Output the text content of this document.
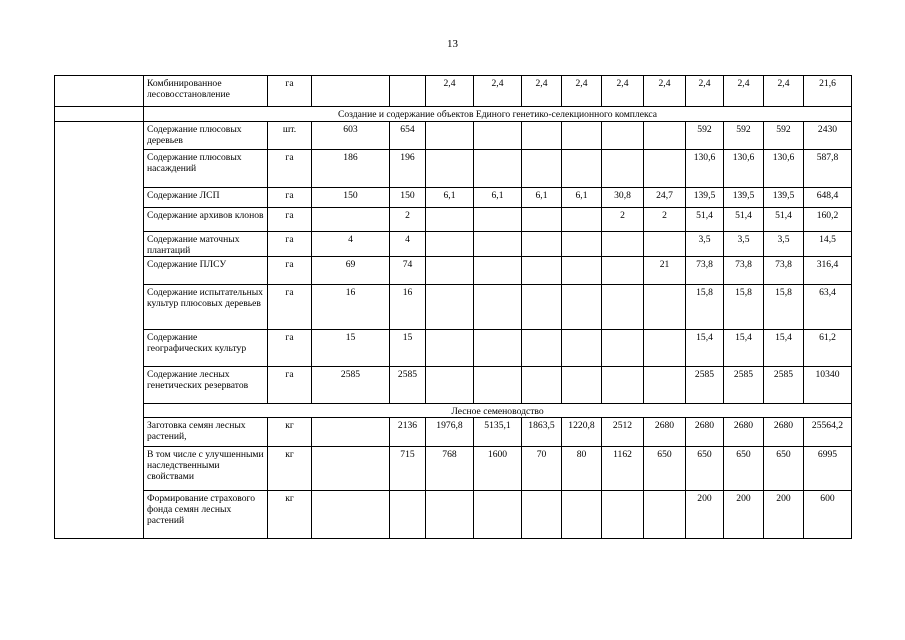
13
	Комбинированное лесовосстановление	га			2,4	2,4	2,4	2,4	2,4	2,4	2,4	2,4	2,4	21,6
	Создание и содержание объектов Единого генетико-селекционного комплекса													
	Содержание плюсовых деревьев	шт.	603	654							592	592	592	2430
	Содержание плюсовых насаждений	га	186	196							130,6	130,6	130,6	587,8
	Содержание ЛСП	га	150	150	6,1	6,1	6,1	6,1	30,8	24,7	139,5	139,5	139,5	648,4
	Содержание архивов клонов	га		2					2	2	51,4	51,4	51,4	160,2
	Содержание маточных плантаций	га	4	4							3,5	3,5	3,5	14,5
	Содержание ПЛСУ	га	69	74						21	73,8	73,8	73,8	316,4
	Содержание испытательных культур плюсовых деревьев	га	16	16							15,8	15,8	15,8	63,4
	Содержание географических культур	га	15	15							15,4	15,4	15,4	61,2
	Содержание лесных генетических резерватов	га	2585	2585							2585	2585	2585	10340
	Лесное семеноводство													
	Заготовка семян лесных растений,	кг		2136	1976,8	5135,1	1863,5	1220,8	2512	2680	2680	2680	2680	25564,2
	В том числе с улучшенными наследственными свойствами	кг		715	768	1600	70	80	1162	650	650	650	650	6995
	Формирование страхового фонда семян лесных растений	кг									200	200	200	600
